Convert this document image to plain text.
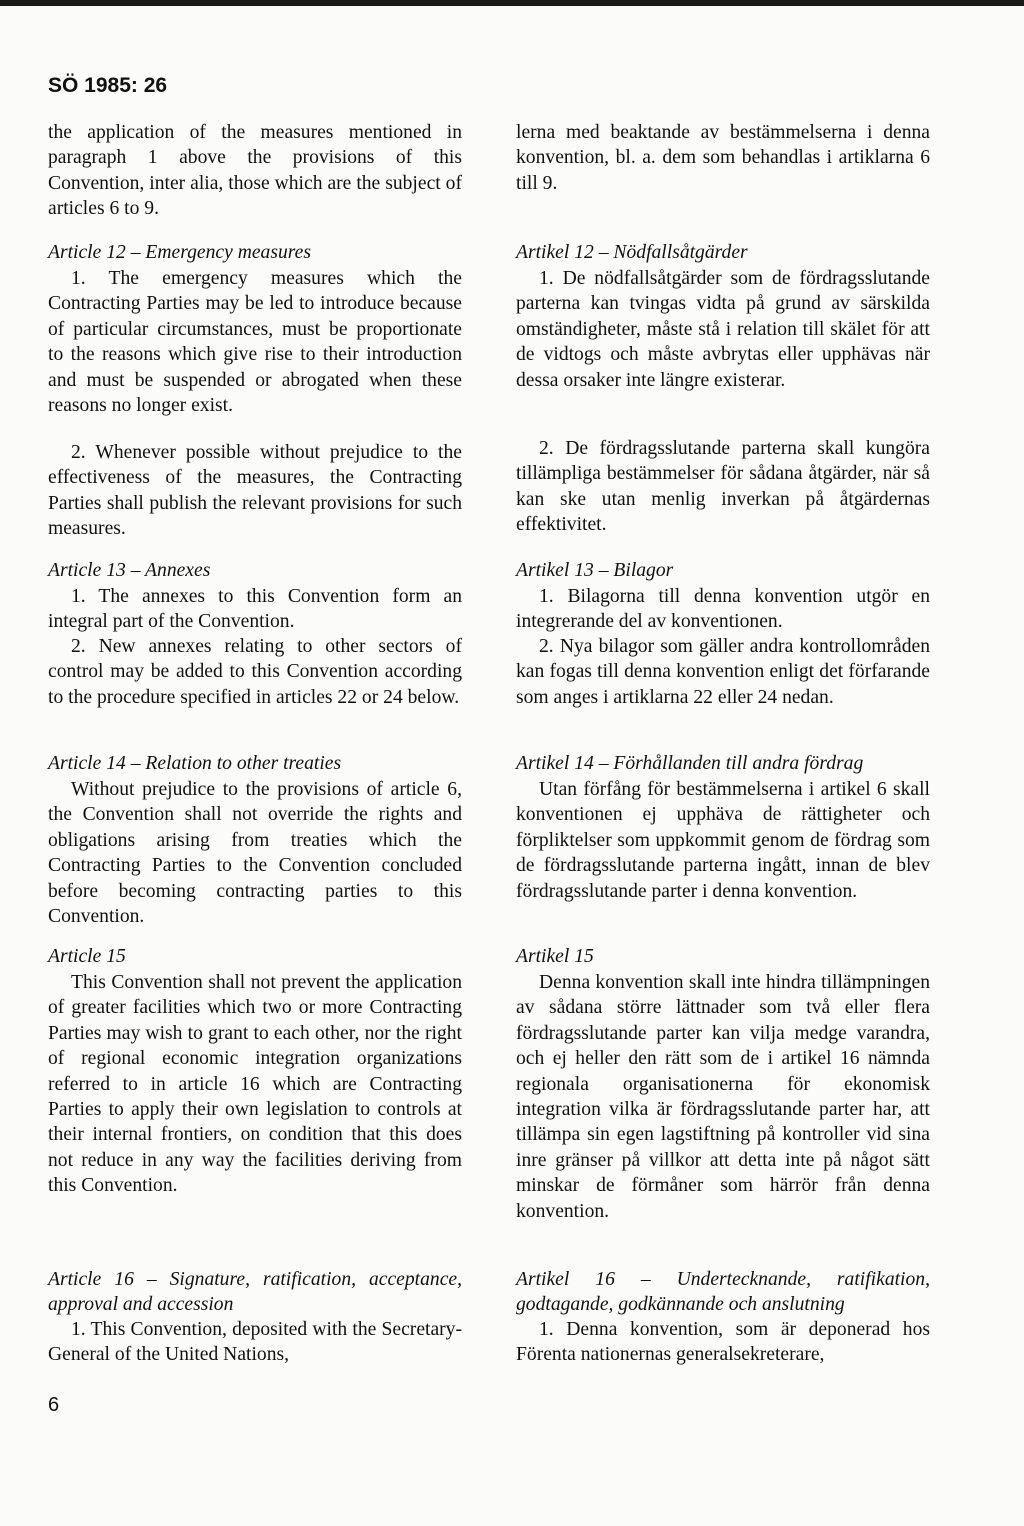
SÖ 1985: 26
the application of the measures mentioned in paragraph 1 above the provisions of this Convention, inter alia, those which are the subject of articles 6 to 9.
Article 12 – Emergency measures
1. The emergency measures which the Contracting Parties may be led to introduce because of particular circumstances, must be proportionate to the reasons which give rise to their introduction and must be suspended or abrogated when these reasons no longer exist.
2. Whenever possible without prejudice to the effectiveness of the measures, the Contracting Parties shall publish the relevant provisions for such measures.
Article 13 – Annexes
1. The annexes to this Convention form an integral part of the Convention.
2. New annexes relating to other sectors of control may be added to this Convention according to the procedure specified in articles 22 or 24 below.
Article 14 – Relation to other treaties
Without prejudice to the provisions of article 6, the Convention shall not override the rights and obligations arising from treaties which the Contracting Parties to the Convention concluded before becoming contracting parties to this Convention.
Article 15
This Convention shall not prevent the application of greater facilities which two or more Contracting Parties may wish to grant to each other, nor the right of regional economic integration organizations referred to in article 16 which are Contracting Parties to apply their own legislation to controls at their internal frontiers, on condition that this does not reduce in any way the facilities deriving from this Convention.
Article 16 – Signature, ratification, acceptance, approval and accession
1. This Convention, deposited with the Secretary-General of the United Nations,
lerna med beaktande av bestämmelserna i denna konvention, bl. a. dem som behandlas i artiklarna 6 till 9.
Artikel 12 – Nödfallsåtgärder
1. De nödfallsåtgärder som de fördragsslutande parterna kan tvingas vidta på grund av särskilda omständigheter, måste stå i relation till skälet för att de vidtogs och måste avbrytas eller upphävas när dessa orsaker inte längre existerar.
2. De fördragsslutande parterna skall kungöra tillämpliga bestämmelser för sådana åtgärder, när så kan ske utan menlig inverkan på åtgärdernas effektivitet.
Artikel 13 – Bilagor
1. Bilagorna till denna konvention utgör en integrerande del av konventionen.
2. Nya bilagor som gäller andra kontrollområden kan fogas till denna konvention enligt det förfarande som anges i artiklarna 22 eller 24 nedan.
Artikel 14 – Förhållanden till andra fördrag
Utan förfång för bestämmelserna i artikel 6 skall konventionen ej upphäva de rättigheter och förpliktelser som uppkommit genom de fördrag som de fördragsslutande parterna ingått, innan de blev fördragsslutande parter i denna konvention.
Artikel 15
Denna konvention skall inte hindra tillämpningen av sådana större lättnader som två eller flera fördragsslutande parter kan vilja medge varandra, och ej heller den rätt som de i artikel 16 nämnda regionala organisationerna för ekonomisk integration vilka är fördragsslutande parter har, att tillämpa sin egen lagstiftning på kontroller vid sina inre gränser på villkor att detta inte på något sätt minskar de förmåner som härrör från denna konvention.
Artikel 16 – Undertecknande, ratifikation, godtagande, godkännande och anslutning
1. Denna konvention, som är deponerad hos Förenta nationernas generalsekreterare,
6
